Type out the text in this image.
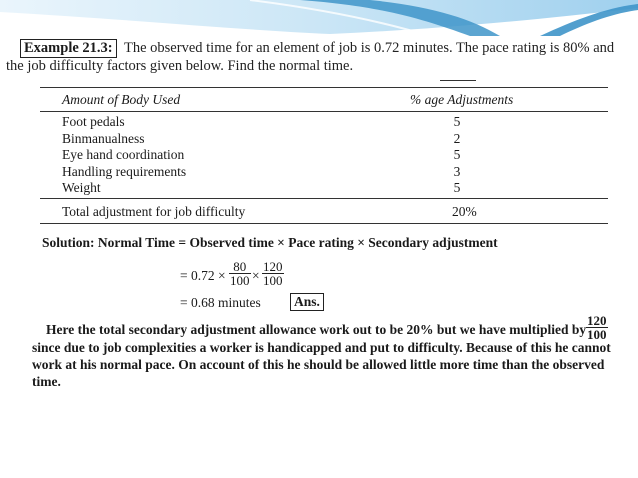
Example 21.3: The observed time for an element of job is 0.72 minutes. The pace rating is 80% and
the job difficulty factors given below. Find the normal time.
Amount of Body Used	% age Adjustments
Foot pedals	5
Binmanualness	2
Eye hand coordination	5
Handling requirements	3
Weight	5
Total adjustment for job difficulty	20%
Solution: Normal Time = Observed time × Pace rating × Secondary adjustment
= $0.72 \times \frac{80}{100} \times \frac{120}{100}$
= 0.68 minutes Ans.
Here the total secondary adjustment allowance work out to be 20% but we have multiplied by $\frac{120}{100}$
since due to job complexities a worker is handicapped and put to difficulty. Because of this he cannot
work at his normal pace. On account of this he should be allowed little more time than the observed
time.
